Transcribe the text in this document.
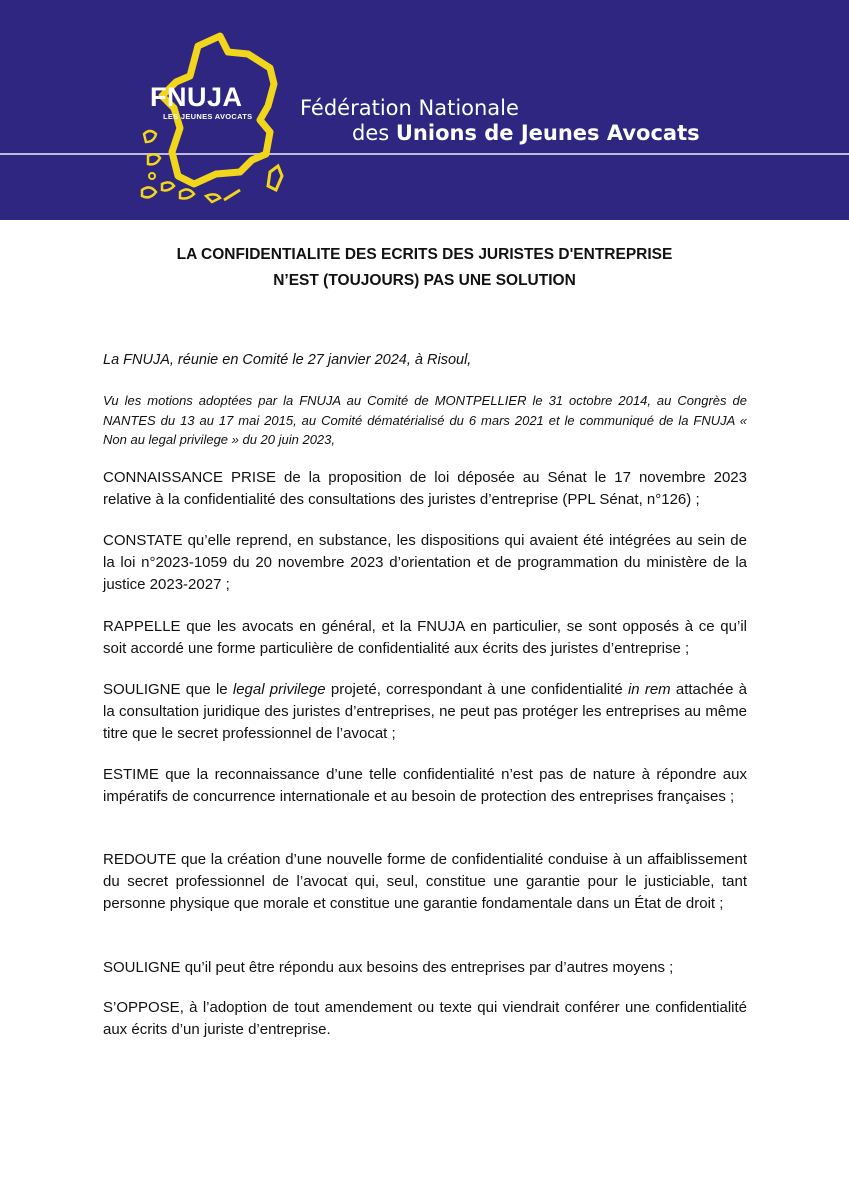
FNUJA
LES JEUNES AVOCATS Fédération Nationale
des Unions de Jeunes Avocats
LA CONFIDENTIALITE DES ECRITS DES JURISTES D'ENTREPRISE
N’EST (TOUJOURS) PAS UNE SOLUTION
La FNUJA, réunie en Comité le 27 janvier 2024, à Risoul,
Vu les motions adoptées par la FNUJA au Comité de MONTPELLIER le 31 octobre 2014, au Congrès de NANTES du 13 au 17 mai 2015, au Comité dématérialisé du 6 mars 2021 et le communiqué de la FNUJA « Non au legal privilege » du 20 juin 2023,
CONNAISSANCE PRISE de la proposition de loi déposée au Sénat le 17 novembre 2023 relative à la confidentialité des consultations des juristes d’entreprise (PPL Sénat, n°126) ;
CONSTATE qu’elle reprend, en substance, les dispositions qui avaient été intégrées au sein de la loi n°2023-1059 du 20 novembre 2023 d’orientation et de programmation du ministère de la justice 2023-2027 ;
RAPPELLE que les avocats en général, et la FNUJA en particulier, se sont opposés à ce qu’il soit accordé une forme particulière de confidentialité aux écrits des juristes d’entreprise ;
SOULIGNE que le legal privilege projeté, correspondant à une confidentialité in rem attachée à la consultation juridique des juristes d’entreprises, ne peut pas protéger les entreprises au même titre que le secret professionnel de l’avocat ;
ESTIME que la reconnaissance d’une telle confidentialité n’est pas de nature à répondre aux impératifs de concurrence internationale et au besoin de protection des entreprises françaises ;
REDOUTE que la création d’une nouvelle forme de confidentialité conduise à un affaiblissement du secret professionnel de l’avocat qui, seul, constitue une garantie pour le justiciable, tant personne physique que morale et constitue une garantie fondamentale dans un État de droit ;
SOULIGNE qu’il peut être répondu aux besoins des entreprises par d’autres moyens ;
S’OPPOSE, à l’adoption de tout amendement ou texte qui viendrait conférer une confidentialité aux écrits d’un juriste d’entreprise.
